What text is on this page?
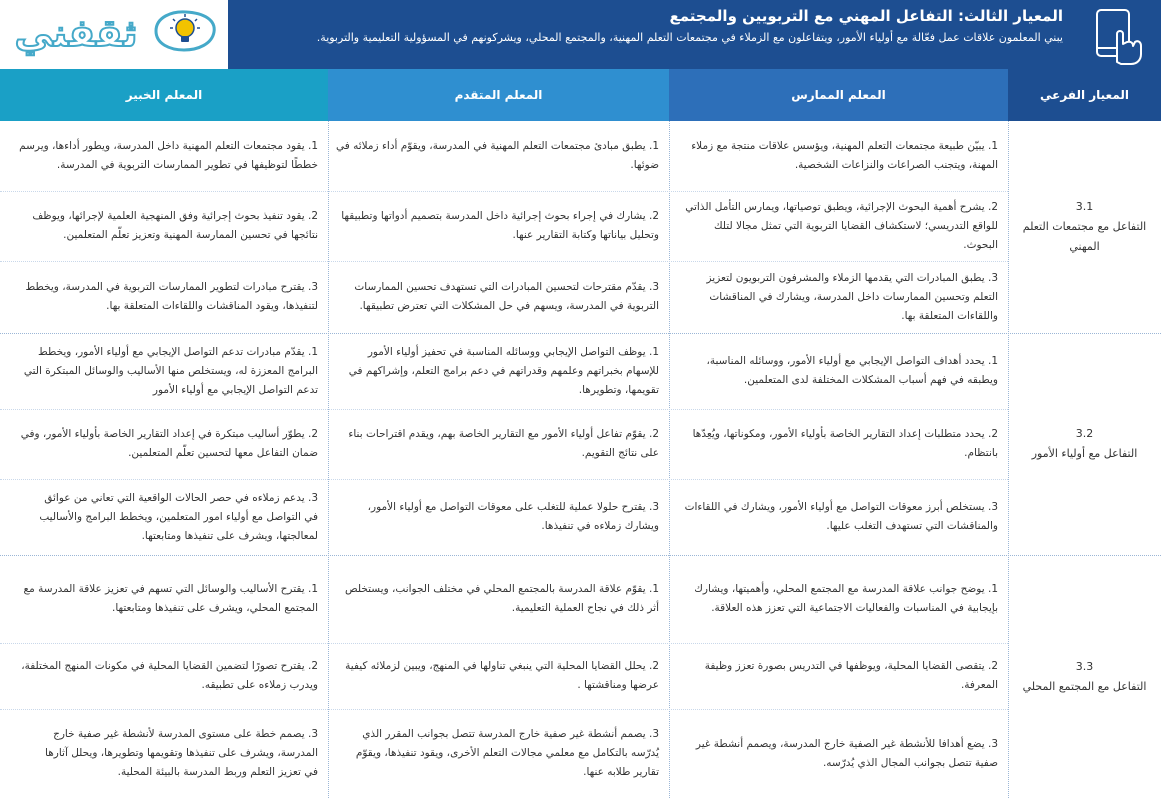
ثقفني	المعيار الثالث: التفاعل المهني مع التربويين والمجتمع
يبني المعلمون علاقات عمل فعّالة مع أولياء الأمور، ويتفاعلون مع الزملاء في مجتمعات التعلم المهنية، والمجتمع المحلي، ويشركونهم في المسؤولية التعليمية والتربوية.
المعيار الفرعي
المعلم الممارس
المعلم المتقدم
المعلم الخبير
3.1
التفاعل مع مجتمعات التعلم المهني
3.2
التفاعل مع أولياء الأمور
3.3
التفاعل مع المجتمع المحلي
1. يبيّن طبيعة مجتمعات التعلم المهنية، ويؤسس علاقات منتجة مع زملاء المهنة، ويتجنب الصراعات والنزاعات الشخصية.
1. يطبق مبادئ مجتمعات التعلم المهنية في المدرسة، ويقوّم أداء زملائه في ضوئها.
1. يقود مجتمعات التعلم المهنية داخل المدرسة، ويطور أداءها، ويرسم
خططًا لتوظيفها في تطوير الممارسات التربوية في المدرسة.
2. يشرح أهمية البحوث الإجرائية، ويطبق توصياتها، ويمارس التأمل الذاتي للواقع التدريسي؛ لاستكشاف القضايا التربوية التي تمثل مجالا لتلك البحوث.
2. يشارك في إجراء بحوث إجرائية داخل المدرسة بتصميم أدواتها وتطبيقها وتحليل بياناتها وكتابة التقارير عنها.
2. يقود تنفيذ بحوث إجرائية وفق المنهجية العلمية لإجرائها، ويوظف
نتائجها في تحسين الممارسة المهنية وتعزيز تعلّم المتعلمين.
3. يطبق المبادرات التي يقدمها الزملاء والمشرفون التربويون لتعزيز التعلم وتحسين الممارسات داخل المدرسة، ويشارك في المناقشات واللقاءات المتعلقة بها.
3. يقدّم مقترحات لتحسين المبادرات التي تستهدف تحسين الممارسات التربوية في المدرسة، ويسهم في حل المشكلات التي تعترض تطبيقها.
3. يقترح مبادرات لتطوير الممارسات التربوية في المدرسة، ويخطط
لتنفيذها، ويقود المناقشات واللقاءات المتعلقة بها.
1. يحدد أهداف التواصل الإيجابي مع أولياء الأمور، ووسائله المناسبة، ويطبقه في فهم أسباب المشكلات المختلفة لدى المتعلمين.
1. يوظف التواصل الإيجابي ووسائله المناسبة في تحفيز أولياء الأمور للإسهام بخبراتهم وعلمهم وقدراتهم في دعم برامج التعلم، وإشراكهم في تقويمها، وتطويرها.
1. يقدّم مبادرات تدعم التواصل الإيجابي مع أولياء الأمور، ويخطط
البرامج المعززة له، ويستخلص منها الأساليب والوسائل المبتكرة التي
تدعم التواصل الإيجابي مع أولياء الأمور
2. يحدد متطلبات إعداد التقارير الخاصة بأولياء الأمور، ومكوناتها، ويُعِدّها بانتظام.
2. يقوّم تفاعل أولياء الأمور مع التقارير الخاصة بهم، ويقدم اقتراحات بناء على نتائج التقويم.
2. يطوّر أساليب مبتكرة في إعداد التقارير الخاصة بأولياء الأمور، وفي
ضمان التفاعل معها لتحسين تعلّم المتعلمين.
3. يستخلص أبرز معوقات التواصل مع أولياء الأمور، ويشارك في اللقاءات والمناقشات التي تستهدف التغلب عليها.
3. يقترح حلولا عملية للتغلب على معوقات التواصل مع أولياء الأمور، ويشارك زملاءه في تنفيذها.
3. يدعم زملاءه في حصر الحالات الواقعية التي تعاني من عوائق
في التواصل مع أولياء امور المتعلمين، ويخطط البرامج والأساليب
لمعالجتها، ويشرف على تنفيذها ومتابعتها.
1. يوضح جوانب علاقة المدرسة مع المجتمع المحلي، وأهميتها، ويشارك بإيجابية في المناسبات والفعاليات الاجتماعية التي تعزز هذه العلاقة.
1. يقوّم علاقة المدرسة بالمجتمع المحلي في مختلف الجوانب، ويستخلص أثر ذلك في نجاح العملية التعليمية.
1. يقترح الأساليب والوسائل التي تسهم في تعزيز علاقة المدرسة مع
المجتمع المحلي، ويشرف على تنفيذها ومتابعتها.
2. يتقصى القضايا المحلية، ويوظفها في التدريس بصورة تعزز وظيفة المعرفة.
2. يحلل القضايا المحلية التي ينبغي تناولها في المنهج، ويبين لزملائه كيفية عرضها ومناقشتها .
2. يقترح تصورًا لتضمين القضايا المحلية في مكونات المنهج المختلفة،
ويدرب زملاءه على تطبيقه.
3. يضع أهدافا للأنشطة غير الصفية خارج المدرسة، ويصمم أنشطة غير صفية تتصل بجوانب المجال الذي يُدرّسه.
3. يصمم أنشطة غير صفية خارج المدرسة تتصل بجوانب المقرر الذي يُدرّسه بالتكامل مع معلمي مجالات التعلم الأخرى، ويقود تنفيذها، ويقوّم تقارير طلابه عنها.
3. يصمم خطة على مستوى المدرسة لأنشطة غير صفية خارج
المدرسة، ويشرف على تنفيذها وتقويمها وتطويرها، ويحلل آثارها
في تعزيز التعلم وربط المدرسة بالبيئة المحلية.
